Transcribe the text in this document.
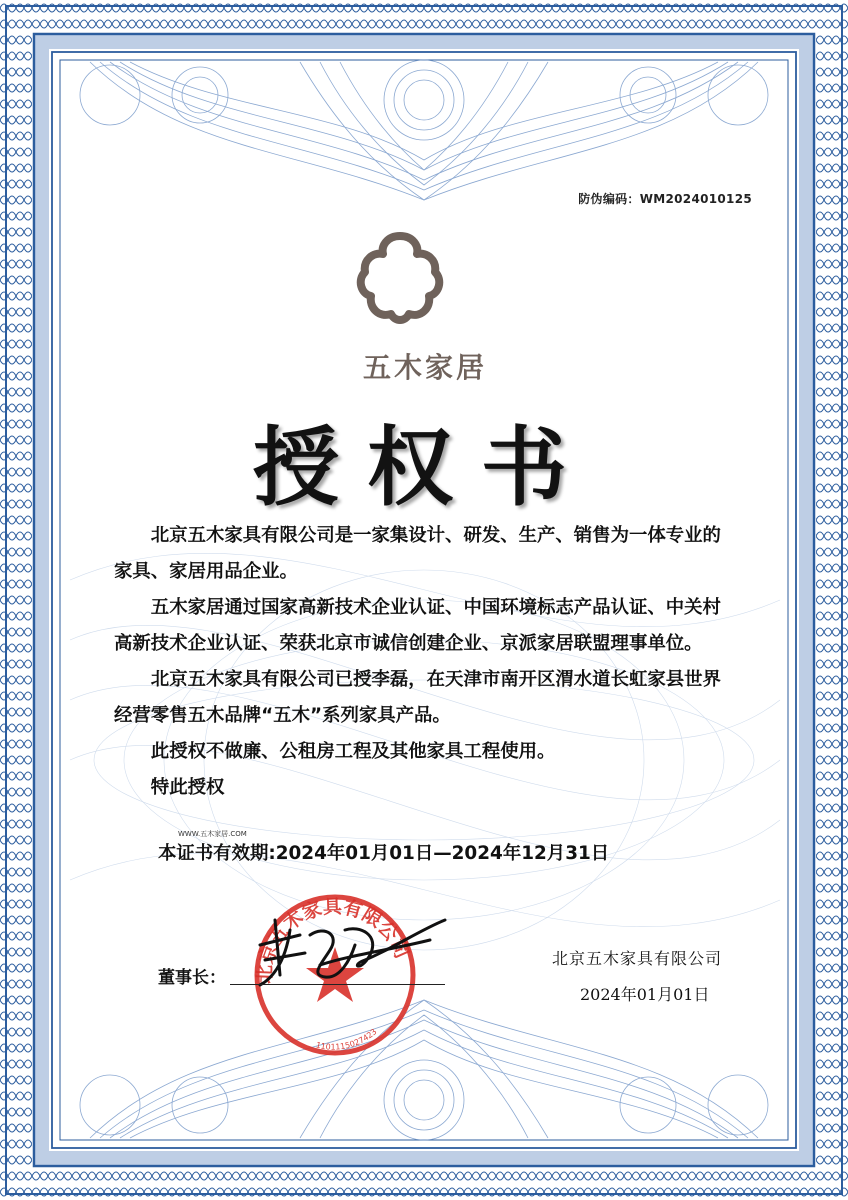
防伪编码：WM2024010125
五木家居
授权书

北京五木家具有限公司是一家集设计、研发、生产、销售为一体专业的家具、家居用品企业。

五木家居通过国家高新技术企业认证、中国环境标志产品认证、中关村高新技术企业认证、荣获北京市诚信创建企业、京派家居联盟理事单位。

北京五木家具有限公司已授李磊，在天津市南开区渭水道长虹家县世界经营零售五木品牌“五木”系列家具产品。

此授权不做廉、公租房工程及其他家具工程使用。

特此授权

WWW.五木家居.COM
本证书有效期:2024年01月01日—2024年12月31日
北京五木家具有限公司
1101115027423
董事长：
北京五木家具有限公司
2024年01月01日
